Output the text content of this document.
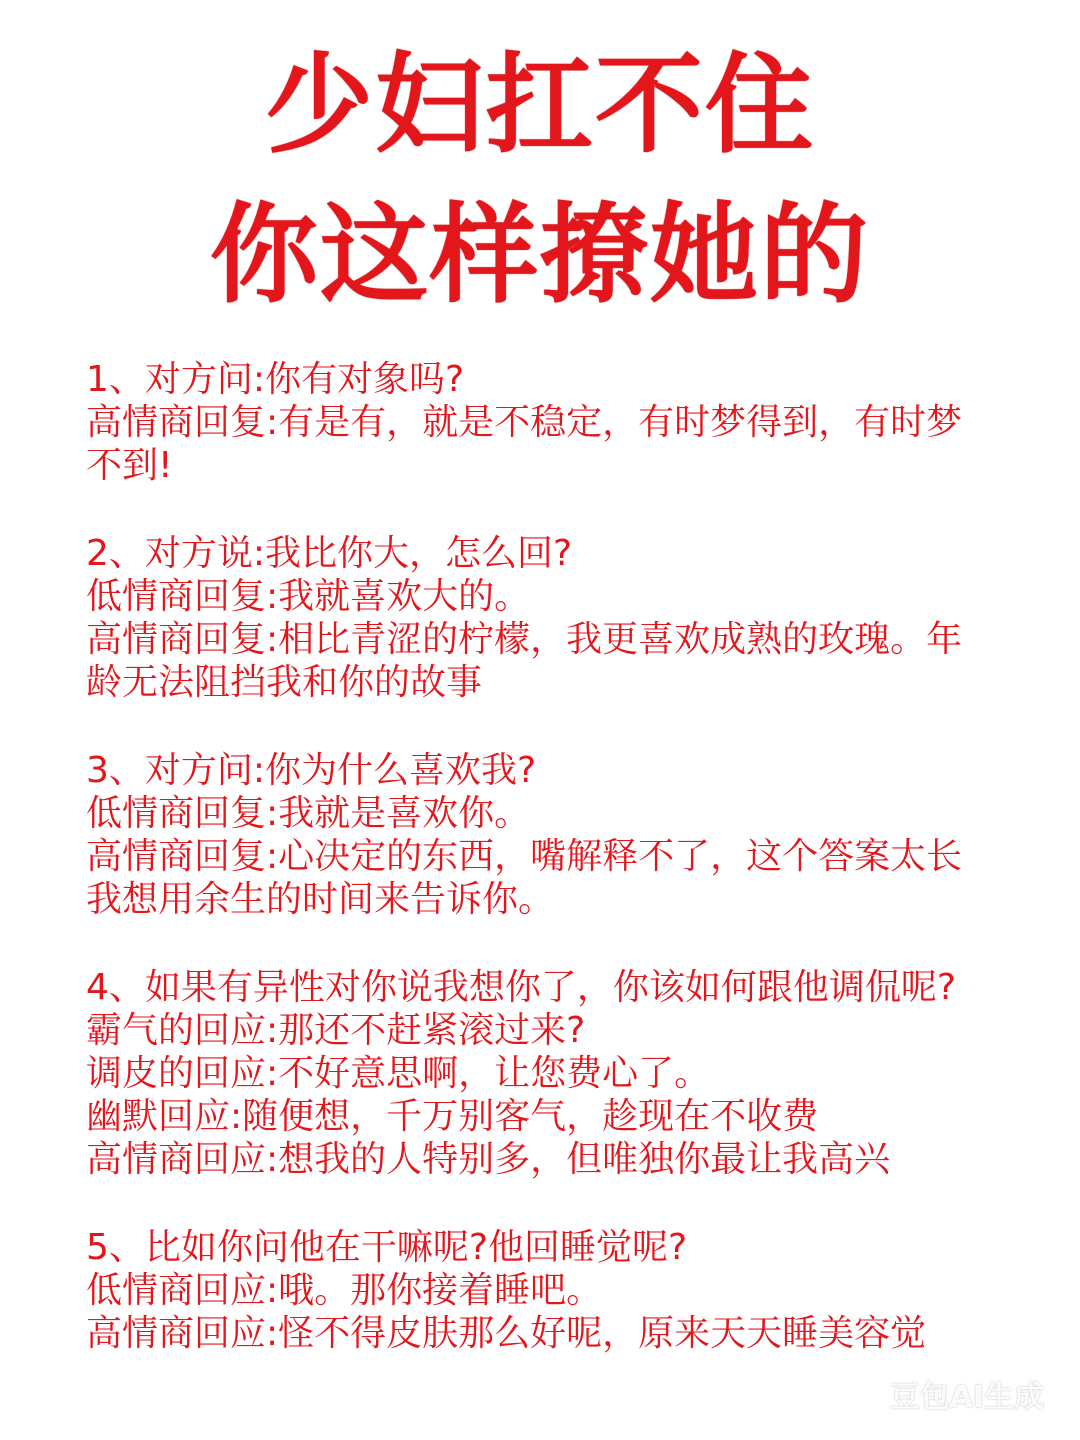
少妇扛不住
你这样撩她的
1、对方问:你有对象吗?
高情商回复:有是有，就是不稳定，有时梦得到，有时梦不到!
2、对方说:我比你大，怎么回?
低情商回复:我就喜欢大的。
高情商回复:相比青涩的柠檬，我更喜欢成熟的玫瑰。年龄无法阻挡我和你的故事
3、对方问:你为什么喜欢我?
低情商回复:我就是喜欢你。
高情商回复:心决定的东西，嘴解释不了，这个答案太长我想用余生的时间来告诉你。
4、如果有异性对你说我想你了，你该如何跟他调侃呢?
霸气的回应:那还不赶紧滚过来?
调皮的回应:不好意思啊，让您费心了。
幽默回应:随便想，千万别客气，趁现在不收费
高情商回应:想我的人特别多，但唯独你最让我高兴
5、比如你问他在干嘛呢?他回睡觉呢?
低情商回应:哦。那你接着睡吧。
高情商回应:怪不得皮肤那么好呢，原来天天睡美容觉
豆包AI生成
